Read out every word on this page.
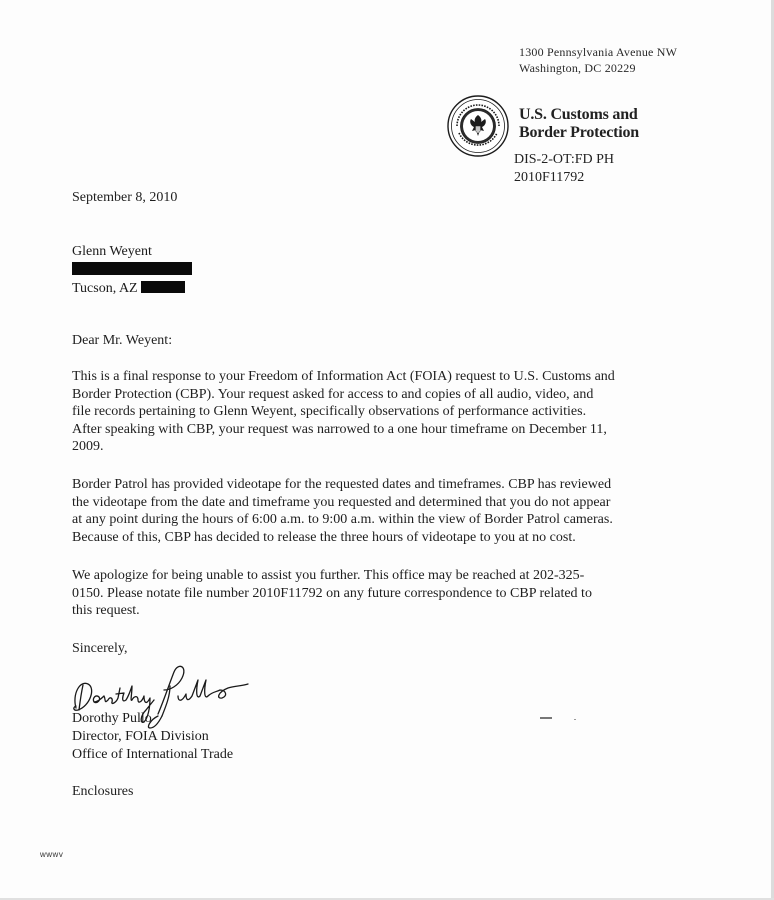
1300 Pennsylvania Avenue NW
Washington, DC 20229
U.S. Customs and
Border Protection
DIS-2-OT:FD PH
2010F11792
September 8, 2010
Glenn Weyent
Tucson, AZ
Dear Mr. Weyent:
This is a final response to your Freedom of Information Act (FOIA) request to U.S. Customs and
Border Protection (CBP). Your request asked for access to and copies of all audio, video, and
file records pertaining to Glenn Weyent, specifically observations of performance activities.
After speaking with CBP, your request was narrowed to a one hour timeframe on December 11,
2009.
Border Patrol has provided videotape for the requested dates and timeframes. CBP has reviewed
the videotape from the date and timeframe you requested and determined that you do not appear
at any point during the hours of 6:00 a.m. to 9:00 a.m. within the view of Border Patrol cameras.
Because of this, CBP has decided to release the three hours of videotape to you at no cost.
We apologize for being unable to assist you further. This office may be reached at 202-325-
0150. Please notate file number 2010F11792 on any future correspondence to CBP related to
this request.
Sincerely,
Dorothy Pullo
Director, FOIA Division
Office of International Trade
Enclosures
wwwv
